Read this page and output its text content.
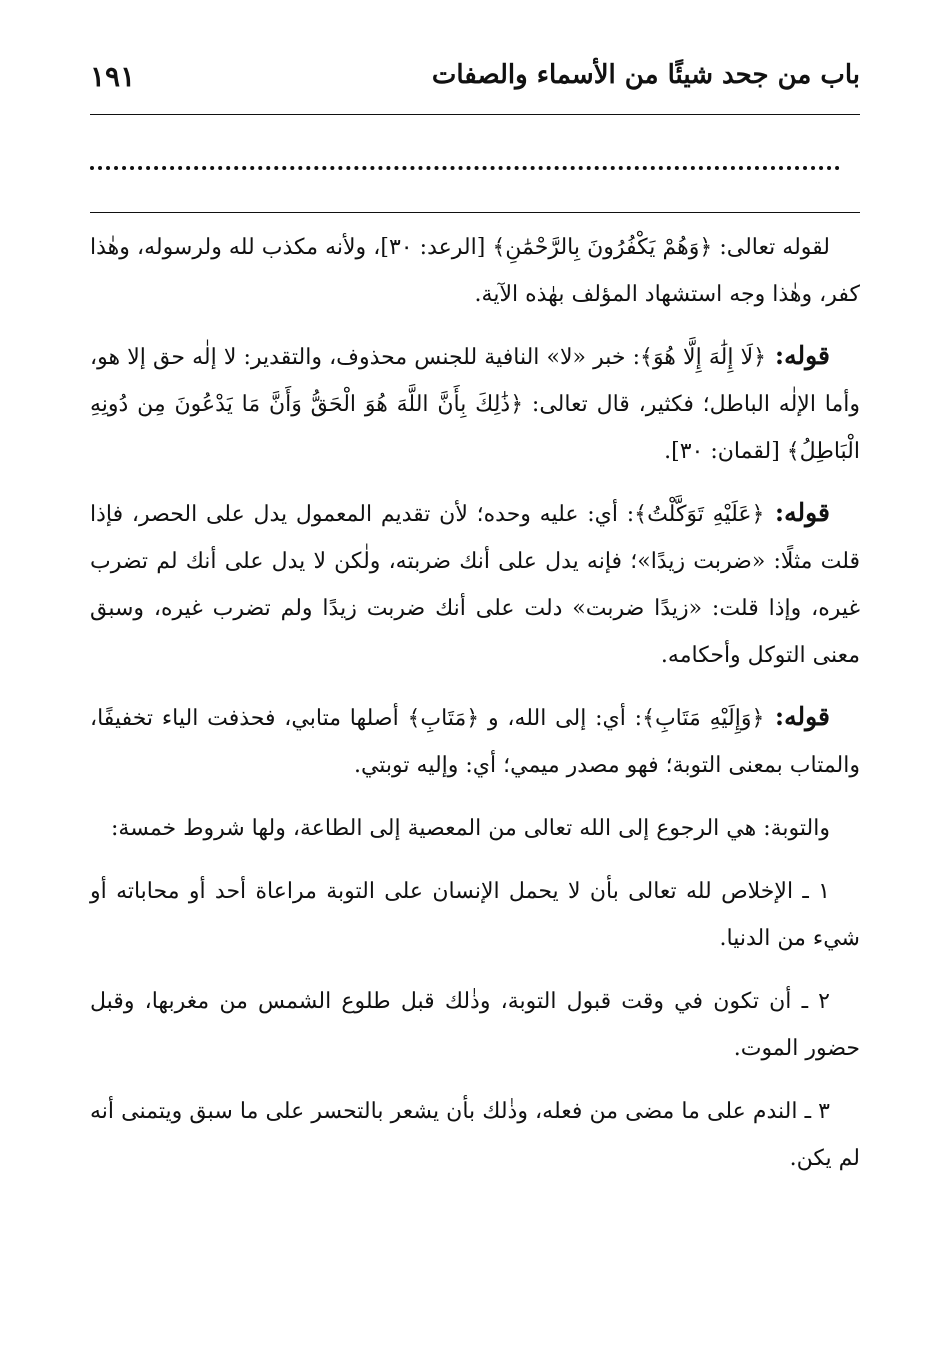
باب من جحد شيئًا من الأسماء والصفات
١٩١

لقوله تعالى: ﴿وَهُمْ يَكْفُرُونَ بِالرَّحْمَٰنِ﴾ [الرعد: ٣٠]، ولأنه مكذب لله ولرسوله، وهٰذا كفر، وهٰذا وجه استشهاد المؤلف بهٰذه الآية.

قوله: ﴿لَا إِلَٰهَ إِلَّا هُوَ﴾: خبر «لا» النافية للجنس محذوف، والتقدير: لا إلٰه حق إلا هو، وأما الإلٰه الباطل؛ فكثير، قال تعالى: ﴿ذَٰلِكَ بِأَنَّ اللَّهَ هُوَ الْحَقُّ وَأَنَّ مَا يَدْعُونَ مِن دُونِهِ الْبَاطِلُ﴾ [لقمان: ٣٠].

قوله: ﴿عَلَيْهِ تَوَكَّلْتُ﴾: أي: عليه وحده؛ لأن تقديم المعمول يدل على الحصر، فإذا قلت مثلًا: «ضربت زيدًا»؛ فإنه يدل على أنك ضربته، ولٰكن لا يدل على أنك لم تضرب غيره، وإذا قلت: «زيدًا ضربت» دلت على أنك ضربت زيدًا ولم تضرب غيره، وسبق معنى التوكل وأحكامه.

قوله: ﴿وَإِلَيْهِ مَتَابِ﴾: أي: إلى الله، و ﴿مَتَابِ﴾ أصلها متابي، فحذفت الياء تخفيفًا، والمتاب بمعنى التوبة؛ فهو مصدر ميمي؛ أي: وإليه توبتي.

والتوبة: هي الرجوع إلى الله تعالى من المعصية إلى الطاعة، ولها شروط خمسة:

١ ـ الإخلاص لله تعالى بأن لا يحمل الإنسان على التوبة مراعاة أحد أو محاباته أو شيء من الدنيا.

٢ ـ أن تكون في وقت قبول التوبة، وذٰلك قبل طلوع الشمس من مغربها، وقبل حضور الموت.

٣ ـ الندم على ما مضى من فعله، وذٰلك بأن يشعر بالتحسر على ما سبق ويتمنى أنه لم يكن.
